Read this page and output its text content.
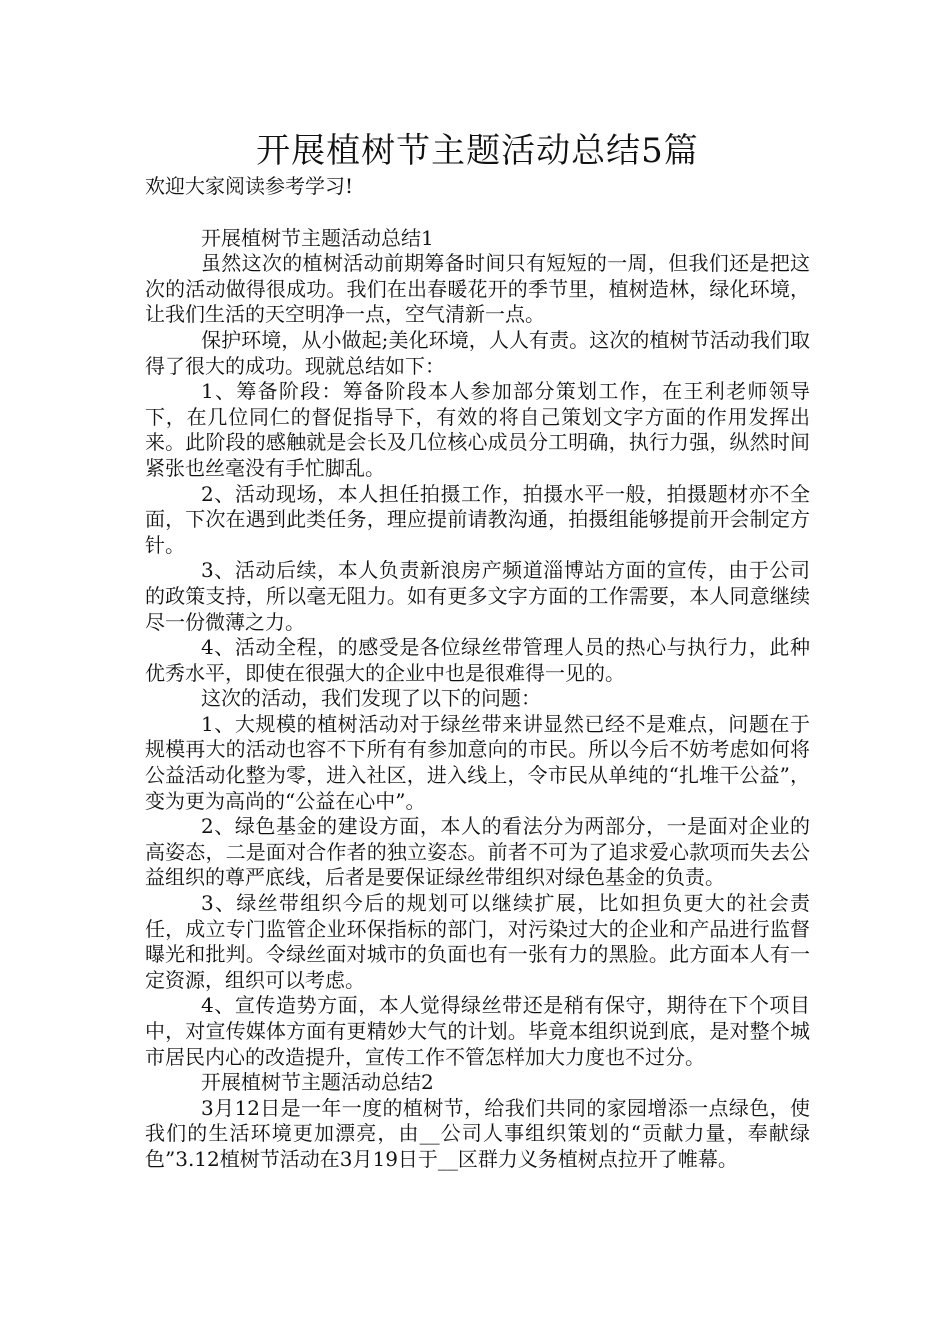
开展植树节主题活动总结5篇

欢迎大家阅读参考学习!

开展植树节主题活动总结1

虽然这次的植树活动前期筹备时间只有短短的一周，但我们还是把这次的活动做得很成功。我们在出春暖花开的季节里，植树造林，绿化环境，让我们生活的天空明净一点，空气清新一点。

保护环境，从小做起;美化环境，人人有责。这次的植树节活动我们取得了很大的成功。现就总结如下：

1、筹备阶段：筹备阶段本人参加部分策划工作，在王利老师领导下，在几位同仁的督促指导下，有效的将自己策划文字方面的作用发挥出来。此阶段的感触就是会长及几位核心成员分工明确，执行力强，纵然时间紧张也丝毫没有手忙脚乱。

2、活动现场，本人担任拍摄工作，拍摄水平一般，拍摄题材亦不全面，下次在遇到此类任务，理应提前请教沟通，拍摄组能够提前开会制定方针。

3、活动后续，本人负责新浪房产频道淄博站方面的宣传，由于公司的政策支持，所以毫无阻力。如有更多文字方面的工作需要，本人同意继续尽一份微薄之力。

4、活动全程，的感受是各位绿丝带管理人员的热心与执行力，此种优秀水平，即使在很强大的企业中也是很难得一见的。

这次的活动，我们发现了以下的问题：

1、大规模的植树活动对于绿丝带来讲显然已经不是难点，问题在于规模再大的活动也容不下所有有参加意向的市民。所以今后不妨考虑如何将公益活动化整为零，进入社区，进入线上，令市民从单纯的“扎堆干公益”，变为更为高尚的“公益在心中”。

2、绿色基金的建设方面，本人的看法分为两部分，一是面对企业的高姿态，二是面对合作者的独立姿态。前者不可为了追求爱心款项而失去公益组织的尊严底线，后者是要保证绿丝带组织对绿色基金的负责。

3、绿丝带组织今后的规划可以继续扩展，比如担负更大的社会责任，成立专门监管企业环保指标的部门，对污染过大的企业和产品进行监督曝光和批判。令绿丝面对城市的负面也有一张有力的黑脸。此方面本人有一定资源，组织可以考虑。

4、宣传造势方面，本人觉得绿丝带还是稍有保守，期待在下个项目中，对宣传媒体方面有更精妙大气的计划。毕竟本组织说到底，是对整个城市居民内心的改造提升，宣传工作不管怎样加大力度也不过分。

开展植树节主题活动总结2

3月12日是一年一度的植树节，给我们共同的家园增添一点绿色，使我们的生活环境更加漂亮，由__公司人事组织策划的“贡献力量，奉献绿色”3.12植树节活动在3月19日于__区群力义务植树点拉开了帷幕。
